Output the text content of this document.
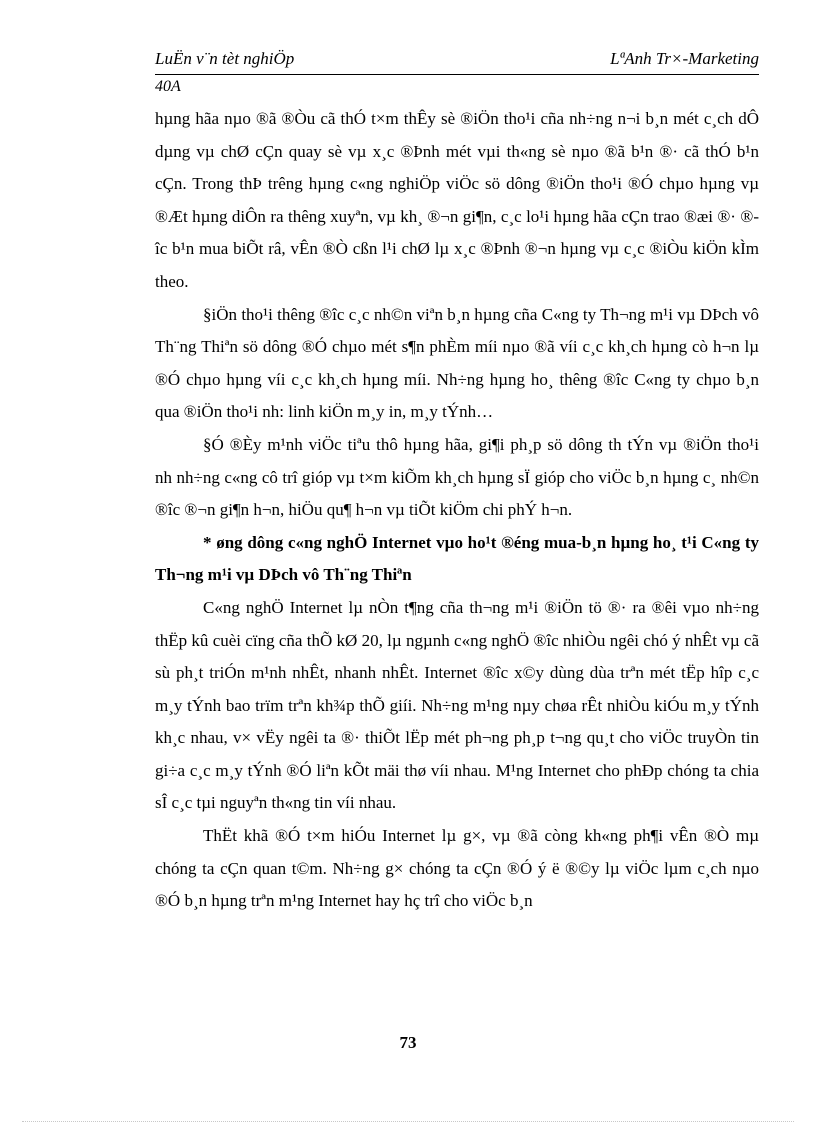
LuËn v¨n tèt nghiÖp	LªAnh Tr×-Marketing
40A

hµng hãa nµo ®ã ®Òu cã thÓ t×m thÊy sè ®iÖn tho¹i cña nh÷ng n¬i b¸n mét c¸ch dÔ dµng vµ chØ cÇn quay sè vµ x¸c ®Þnh mét vµi th«ng sè nµo ®ã b¹n ®· cã thÓ b¹n cÇn. Trong thÞ trêng hµng c«ng nghiÖp viÖc sö dông ®iÖn tho¹i ®Ó chµo hµng vµ ®Æt hµng diÔn ra thêng xuyªn, vµ kh¸ ®¬n gi¶n, c¸c lo¹i hµng hãa cÇn trao ®æi ®· ®îc b¹n mua biÕt râ, vÊn ®Ò cßn l¹i chØ lµ x¸c ®Þnh ®¬n hµng vµ c¸c ®iÒu kiÖn kÌm theo.

§iÖn tho¹i thêng ®îc c¸c nh©n viªn b¸n hµng cña C«ng ty Th¬ng m¹i vµ DÞch vô Th¨ng Thiªn sö dông ®Ó chµo mét s¶n phÈm míi nµo ®ã víi c¸c kh¸ch hµng cò h¬n lµ ®Ó chµo hµng víi c¸c kh¸ch hµng míi. Nh÷ng hµng ho¸ thêng ®îc C«ng ty chµo b¸n qua ®iÖn tho¹i nh: linh kiÖn m¸y in, m¸y tÝnh…

§Ó ®Èy m¹nh viÖc tiªu thô hµng hãa, gi¶i ph¸p sö dông th tÝn vµ ®iÖn tho¹i nh nh÷ng c«ng cô trî gióp vµ t×m kiÕm kh¸ch hµng sÏ gióp cho viÖc b¸n hµng c¸ nh©n ®îc ®¬n gi¶n h¬n, hiÖu qu¶ h¬n vµ tiÕt kiÖm chi phÝ h¬n.

* øng dông c«ng nghÖ Internet vµo ho¹t ®éng mua-b¸n hµng ho¸ t¹i C«ng ty Th¬ng m¹i vµ DÞch vô Th¨ng Thiªn

C«ng nghÖ Internet lµ nÒn t¶ng cña th¬ng m¹i ®iÖn tö ®· ra ®êi vµo nh÷ng thËp kû cuèi cïng cña thÕ kØ 20, lµ ngµnh c«ng nghÖ ®îc nhiÒu ngêi chó ý nhÊt vµ cã sù ph¸t triÓn m¹nh nhÊt, nhanh nhÊt. Internet ®îc x©y dùng dùa trªn mét tËp hîp c¸c m¸y tÝnh bao trïm trªn kh¾p thÕ giíi. Nh÷ng m¹ng nµy chøa rÊt nhiÒu kiÓu m¸y tÝnh kh¸c nhau, v× vËy ngêi ta ®· thiÕt lËp mét ph¬ng ph¸p t¬ng qu¸t cho viÖc truyÒn tin gi÷a c¸c m¸y tÝnh ®Ó liªn kÕt mäi thø víi nhau. M¹ng Internet cho phÐp chóng ta chia sÎ c¸c tµi nguyªn th«ng tin víi nhau.

ThËt khã ®Ó t×m hiÓu Internet lµ g×, vµ ®ã còng kh«ng ph¶i vÊn ®Ò mµ chóng ta cÇn quan t©m. Nh÷ng g× chóng ta cÇn ®Ó ý ë ®©y lµ viÖc lµm c¸ch nµo ®Ó b¸n hµng trªn m¹ng Internet hay hç trî cho viÖc b¸n

73
